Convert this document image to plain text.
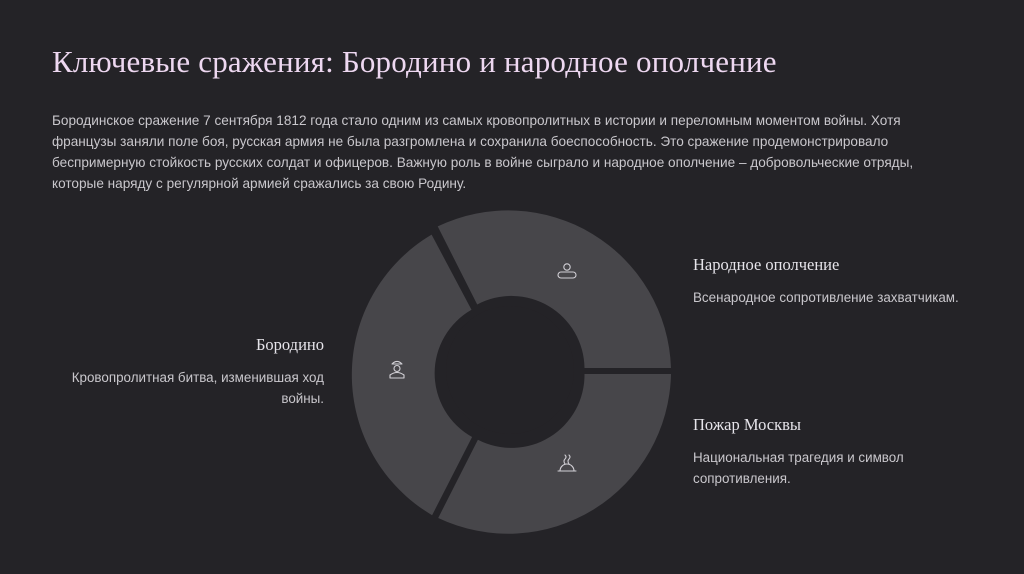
Ключевые сражения: Бородино и народное ополчение

Бородинское сражение 7 сентября 1812 года стало одним из самых кровопролитных в истории и переломным моментом войны. Хотя французы заняли поле боя, русская армия не была разгромлена и сохранила боеспособность. Это сражение продемонстрировало беспримерную стойкость русских солдат и офицеров. Важную роль в войне сыграло и народное ополчение – добровольческие отряды, которые наряду с регулярной армией сражались за свою Родину.

Бородино

Кровопролитная битва, изменившая ход войны.

Народное ополчение

Всенародное сопротивление захватчикам.

Пожар Москвы

Национальная трагедия и символ сопротивления.
